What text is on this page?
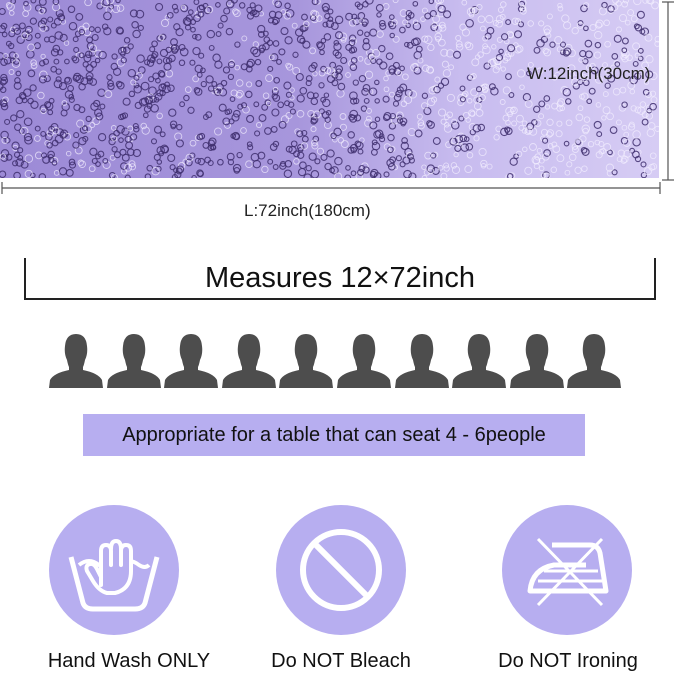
W:12inch(30cm)
L:72inch(180cm)
Measures 12×72inch
Appropriate for a table that can seat 4 - 6people
Hand Wash ONLY	Do NOT Bleach	Do NOT Ironing
